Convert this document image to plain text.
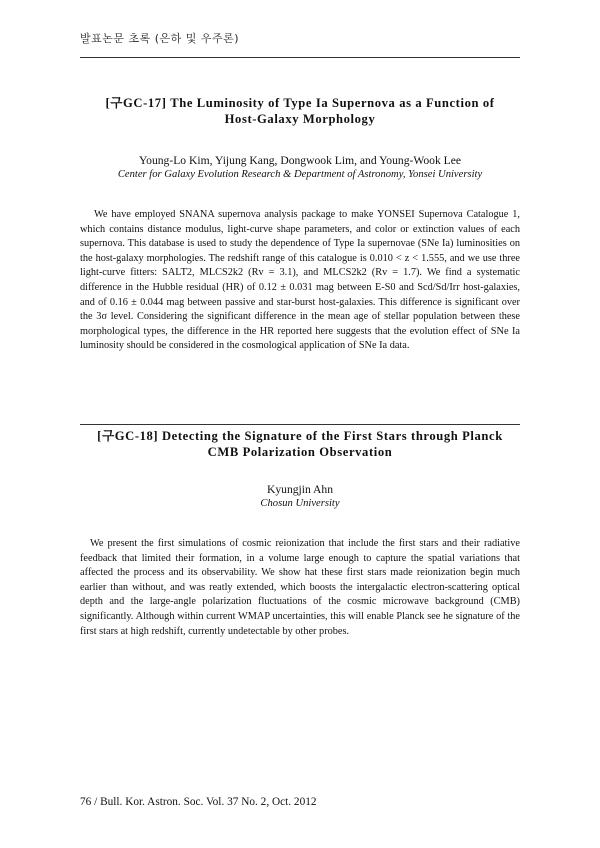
발표논문 초록 (은하 및 우주론)
[구GC-17] The Luminosity of Type Ia Supernova as a Function of
Host-Galaxy Morphology
Young-Lo Kim, Yijung Kang, Dongwook Lim, and Young-Wook Lee
Center for Galaxy Evolution Research & Department of Astronomy, Yonsei University

We have employed SNANA supernova analysis package to make YONSEI Supernova Catalogue 1, which contains distance modulus, light-curve shape parameters, and color or extinction values of each supernova. This database is used to study the dependence of Type Ia supernovae (SNe Ia) luminosities on the host-galaxy morphologies. The redshift range of this catalogue is 0.010 < z < 1.555, and we use three light-curve fitters: SALT2, MLCS2k2 (Rv = 3.1), and MLCS2k2 (Rv = 1.7). We find a systematic difference in the Hubble residual (HR) of 0.12 ± 0.031 mag between E-S0 and Scd/Sd/Irr host-galaxies, and of 0.16 ± 0.044 mag between passive and star-burst host-galaxies. This difference is significant over the 3σ level. Considering the significant difference in the mean age of stellar population between these morphological types, the difference in the HR reported here suggests that the evolution effect of SNe Ia luminosity should be considered in the cosmological application of SNe Ia data.

[구GC-18] Detecting the Signature of the First Stars through Planck
CMB Polarization Observation
Kyungjin Ahn
Chosun University

We present the first simulations of cosmic reionization that include the first stars and their radiative feedback that limited their formation, in a volume large enough to capture the spatial variations that affected the process and its observability. We show hat these first stars made reionization begin much earlier than without, and was reatly extended, which boosts the intergalactic electron-scattering optical depth and the large-angle polarization fluctuations of the cosmic microwave background (CMB) significantly. Although within current WMAP uncertainties, this will enable Planck see he signature of the first stars at high redshift, currently undetectable by other probes.

76 / Bull. Kor. Astron. Soc. Vol. 37 No. 2, Oct. 2012
